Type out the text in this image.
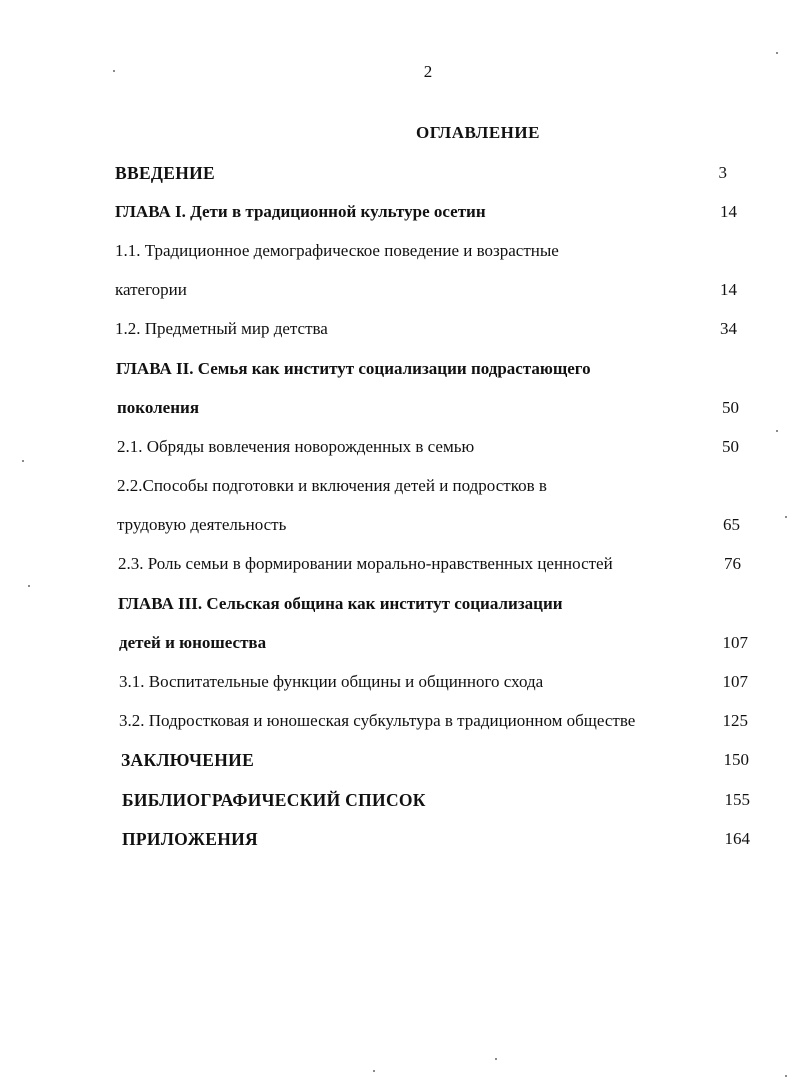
2
ОГЛАВЛЕНИЕ
ВВЕДЕНИЕ	3
ГЛАВА I. Дети в традиционной культуре осетин	14
1.1. Традиционное демографическое поведение и возрастные
категории	14
1.2. Предметный мир детства	34
ГЛАВА II. Семья как институт социализации подрастающего
поколения	50
2.1. Обряды вовлечения новорожденных в семью	50
2.2.Способы подготовки и включения детей и подростков в
трудовую деятельность	65
2.3. Роль семьи в формировании морально-нравственных ценностей	76
ГЛАВА III. Сельская община как институт социализации
детей и юношества	107
3.1. Воспитательные функции общины и общинного схода	107
3.2. Подростковая и юношеская субкультура в традиционном обществе	125
ЗАКЛЮЧЕНИЕ	150
БИБЛИОГРАФИЧЕСКИЙ СПИСОК	155
ПРИЛОЖЕНИЯ	164
